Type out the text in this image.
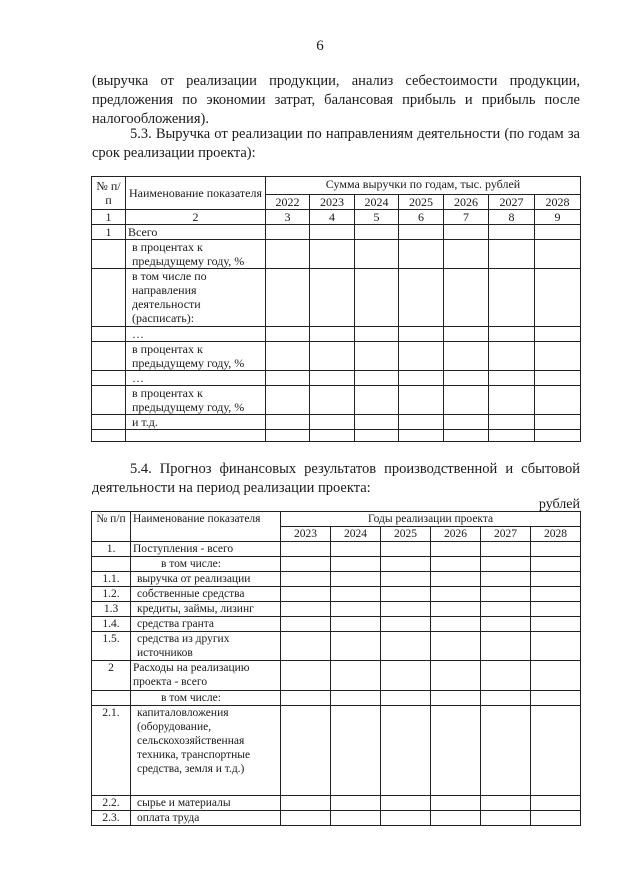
6
(выручка от реализации продукции, анализ себестоимости продукции, предложения по экономии затрат, балансовая прибыль и прибыль после налогообложения).
5.3. Выручка от реализации по направлениям деятельности (по годам за срок реализации проекта):
№ п/п	Наименование показателя	Сумма выручки по годам, тыс. рублей						
		2022	2023	2024	2025	2026	2027	2028
1	2	3	4	5	6	7	8	9
1	Всего							
	в процентах к предыдущему году, %							
	в том числе по направления деятельности (расписать):							
	…							
	в процентах к предыдущему году, %							
	…							
	в процентах к предыдущему году, %							
	и т.д.							

5.4. Прогноз финансовых результатов производственной и сбытовой деятельности на период реализации проекта:
рублей
№ п/п	Наименование показателя	Годы реализации проекта					
		2023	2024	2025	2026	2027	2028
1.	Поступления - всего						
	в том числе:						
1.1.	выручка от реализации						
1.2.	собственные средства						
1.3	кредиты, займы, лизинг						
1.4.	средства гранта						
1.5.	средства из других источников						
2	Расходы на реализацию проекта - всего						
	в том числе:						
2.1.	капиталовложения (оборудование, сельскохозяйственная техника, транспортные средства, земля и т.д.)						
2.2.	сырье и материалы						
2.3.	оплата труда						
